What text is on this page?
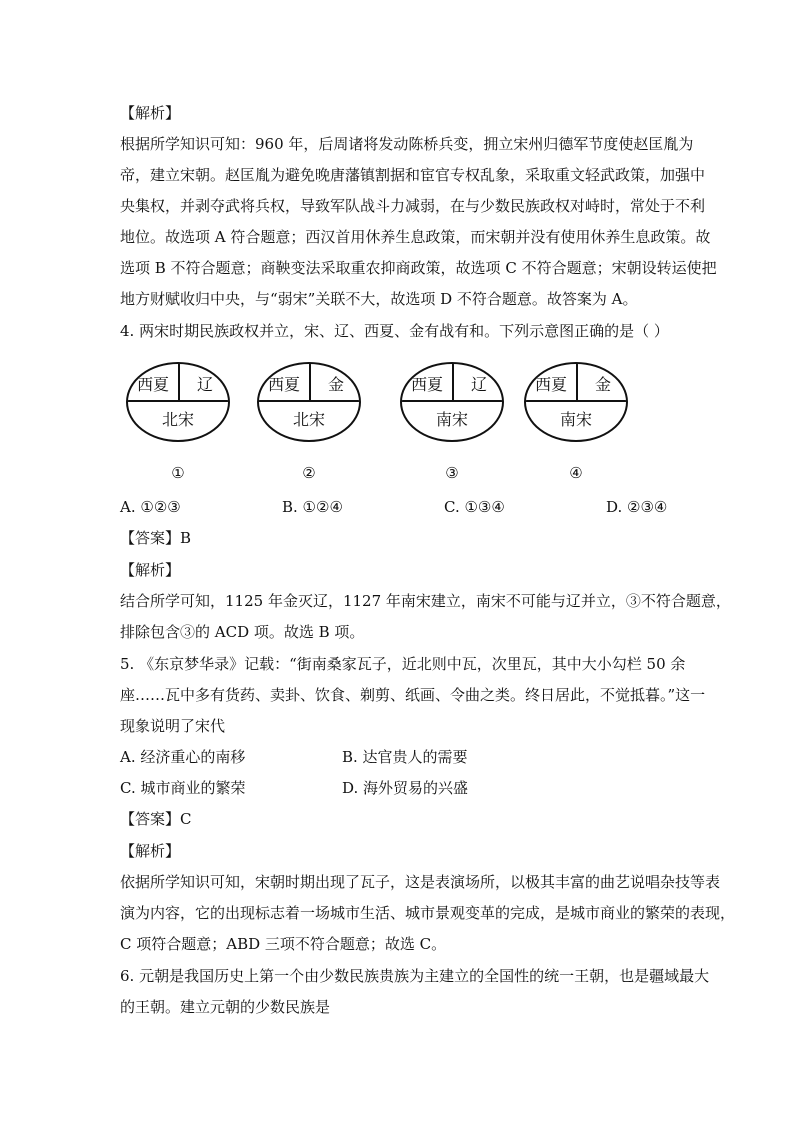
【解析】
根据所学知识可知：960 年，后周诸将发动陈桥兵变，拥立宋州归德军节度使赵匡胤为
帝，建立宋朝。赵匡胤为避免晚唐藩镇割据和宦官专权乱象，采取重文轻武政策，加强中
央集权，并剥夺武将兵权，导致军队战斗力减弱，在与少数民族政权对峙时，常处于不利
地位。故选项 A 符合题意；西汉首用休养生息政策，而宋朝并没有使用休养生息政策。故
选项 B 不符合题意；商鞅变法采取重农抑商政策，故选项 C 不符合题意；宋朝设转运使把
地方财赋收归中央，与“弱宋”关联不大，故选项 D 不符合题意。故答案为 A。
4. 两宋时期民族政权并立，宋、辽、西夏、金有战有和。下列示意图正确的是（ ）
西夏	辽
北宋
①
西夏	金
北宋
②
西夏	辽
南宋
③
西夏	金
南宋
④
A. ①②③	B. ①②④	C. ①③④	D. ②③④
【答案】B
【解析】
结合所学可知，1125 年金灭辽，1127 年南宋建立，南宋不可能与辽并立，③不符合题意，
排除包含③的 ACD 项。故选 B 项。
5. 《东京梦华录》记载：“街南桑家瓦子，近北则中瓦，次里瓦，其中大小勾栏 50 余
座……瓦中多有货药、卖卦、饮食、剃剪、纸画、令曲之类。终日居此，不觉抵暮。”这一
现象说明了宋代
A. 经济重心的南移	B. 达官贵人的需要
C. 城市商业的繁荣	D. 海外贸易的兴盛
【答案】C
【解析】
依据所学知识可知，宋朝时期出现了瓦子，这是表演场所，以极其丰富的曲艺说唱杂技等表
演为内容，它的出现标志着一场城市生活、城市景观变革的完成，是城市商业的繁荣的表现，
C 项符合题意；ABD 三项不符合题意；故选 C。
6. 元朝是我国历史上第一个由少数民族贵族为主建立的全国性的统一王朝，也是疆域最大
的王朝。建立元朝的少数民族是
